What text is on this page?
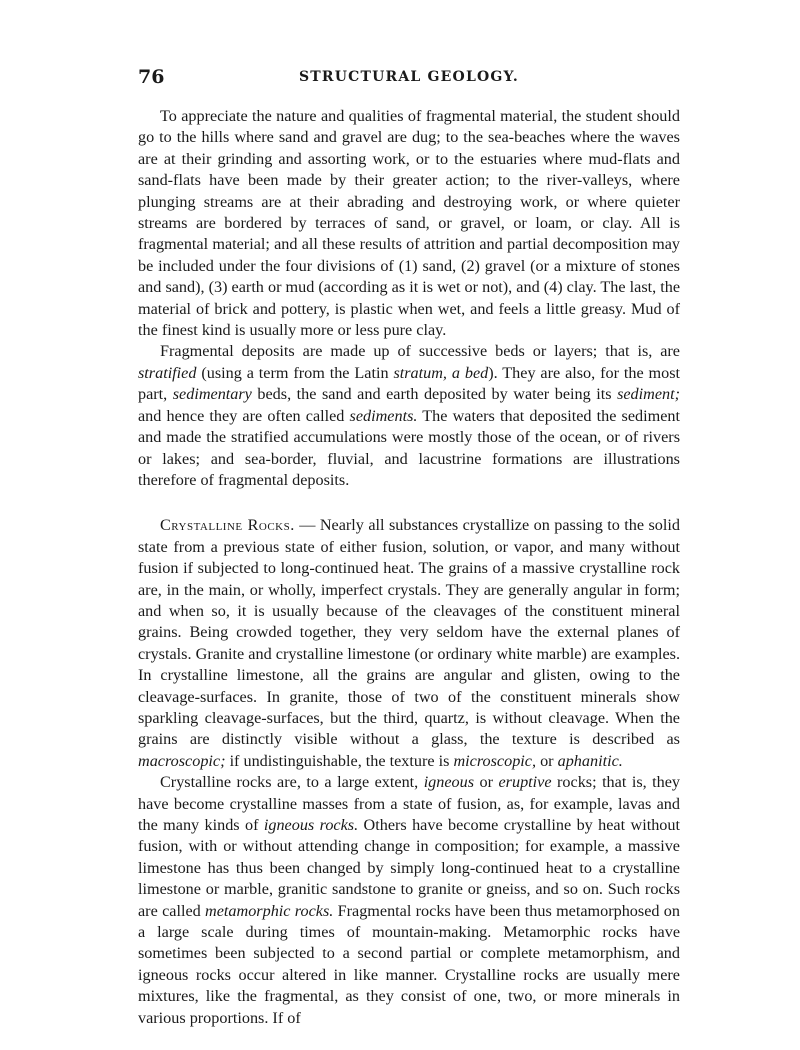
76	STRUCTURAL GEOLOGY.

To appreciate the nature and qualities of fragmental material, the student should go to the hills where sand and gravel are dug; to the sea-beaches where the waves are at their grinding and assorting work, or to the estuaries where mud-flats and sand-flats have been made by their greater action; to the river-valleys, where plunging streams are at their abrading and destroying work, or where quieter streams are bordered by terraces of sand, or gravel, or loam, or clay. All is fragmental material; and all these results of attrition and partial decomposition may be included under the four divisions of (1) sand, (2) gravel (or a mixture of stones and sand), (3) earth or mud (according as it is wet or not), and (4) clay. The last, the material of brick and pottery, is plastic when wet, and feels a little greasy. Mud of the finest kind is usually more or less pure clay.

Fragmental deposits are made up of successive beds or layers; that is, are stratified (using a term from the Latin stratum, a bed). They are also, for the most part, sedimentary beds, the sand and earth deposited by water being its sediment; and hence they are often called sediments. The waters that deposited the sediment and made the stratified accumulations were mostly those of the ocean, or of rivers or lakes; and sea-border, fluvial, and lacustrine formations are illustrations therefore of fragmental deposits.

Crystalline Rocks. — Nearly all substances crystallize on passing to the solid state from a previous state of either fusion, solution, or vapor, and many without fusion if subjected to long-continued heat. The grains of a massive crystalline rock are, in the main, or wholly, imperfect crystals. They are generally angular in form; and when so, it is usually because of the cleavages of the constituent mineral grains. Being crowded together, they very seldom have the external planes of crystals. Granite and crystalline limestone (or ordinary white marble) are examples. In crystalline limestone, all the grains are angular and glisten, owing to the cleavage-surfaces. In granite, those of two of the constituent minerals show sparkling cleavage-surfaces, but the third, quartz, is without cleavage. When the grains are distinctly visible without a glass, the texture is described as macroscopic; if undistinguishable, the texture is microscopic, or aphanitic.

Crystalline rocks are, to a large extent, igneous or eruptive rocks; that is, they have become crystalline masses from a state of fusion, as, for example, lavas and the many kinds of igneous rocks. Others have become crystalline by heat without fusion, with or without attending change in composition; for example, a massive limestone has thus been changed by simply long-continued heat to a crystalline limestone or marble, granitic sandstone to granite or gneiss, and so on. Such rocks are called metamorphic rocks. Fragmental rocks have been thus metamorphosed on a large scale during times of mountain-making. Metamorphic rocks have sometimes been subjected to a second partial or complete metamorphism, and igneous rocks occur altered in like manner. Crystalline rocks are usually mere mixtures, like the fragmental, as they consist of one, two, or more minerals in various proportions. If of
